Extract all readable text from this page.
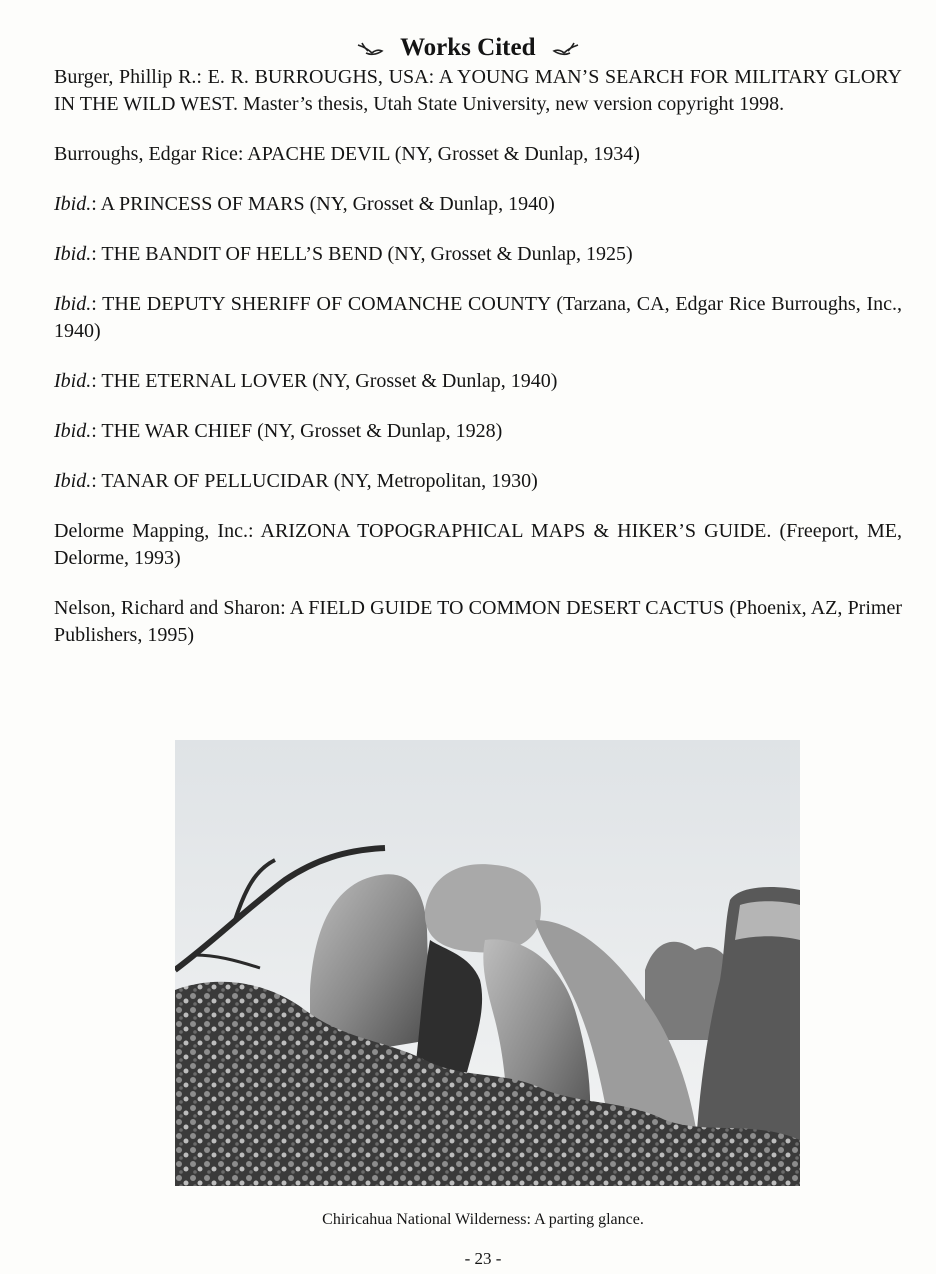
Works Cited

Burger, Phillip R.: E. R. BURROUGHS, USA: A YOUNG MAN’S SEARCH FOR MILITARY GLORY IN THE WILD WEST. Master’s thesis, Utah State University, new version copyright 1998.

Burroughs, Edgar Rice: APACHE DEVIL (NY, Grosset & Dunlap, 1934)

Ibid.: A PRINCESS OF MARS (NY, Grosset & Dunlap, 1940)

Ibid.: THE BANDIT OF HELL’S BEND (NY, Grosset & Dunlap, 1925)

Ibid.: THE DEPUTY SHERIFF OF COMANCHE COUNTY (Tarzana, CA, Edgar Rice Burroughs, Inc., 1940)

Ibid.: THE ETERNAL LOVER (NY, Grosset & Dunlap, 1940)

Ibid.: THE WAR CHIEF (NY, Grosset & Dunlap, 1928)

Ibid.: TANAR OF PELLUCIDAR (NY, Metropolitan, 1930)

Delorme Mapping, Inc.: ARIZONA TOPOGRAPHICAL MAPS & HIKER’S GUIDE. (Freeport, ME, Delorme, 1993)

Nelson, Richard and Sharon: A FIELD GUIDE TO COMMON DESERT CACTUS (Phoenix, AZ, Primer Publishers, 1995)

Chiricahua National Wilderness: A parting glance.
- 23 -
